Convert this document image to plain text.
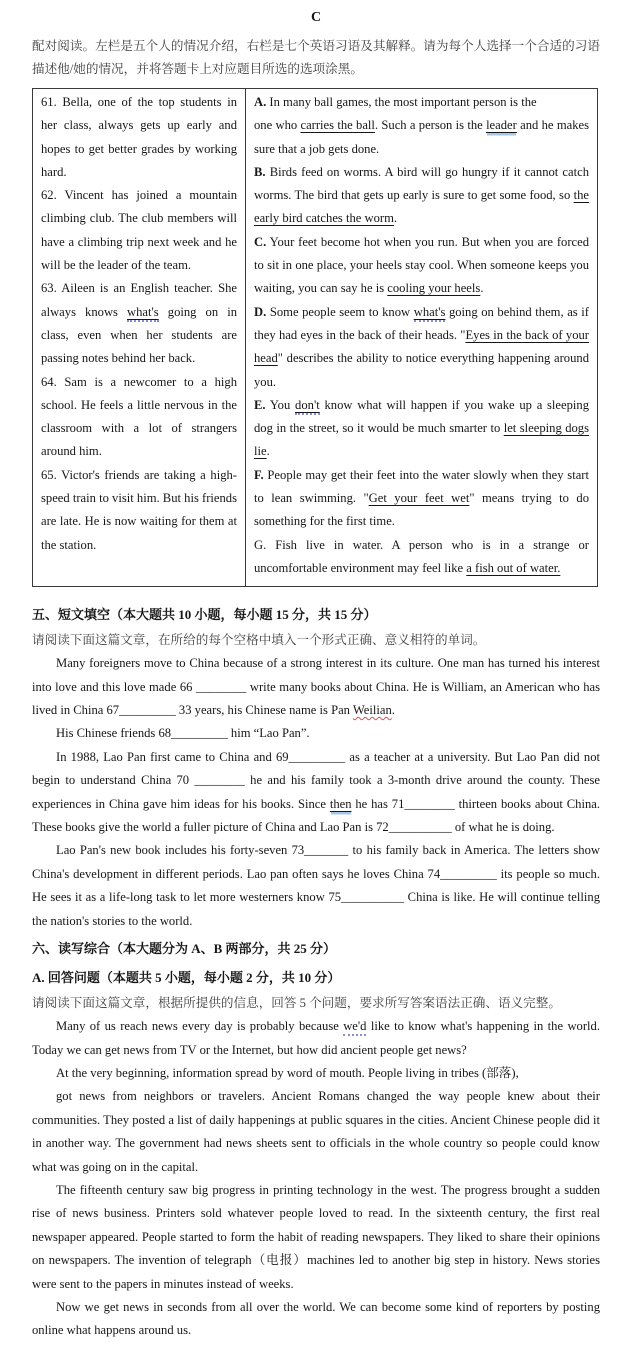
C
配对阅读。左栏是五个人的情况介绍，右栏是七个英语习语及其解释。请为每个人选择一个合适的习语描述他/她的情况，并将答题卡上对应题目所选的选项涂黑。
61. Bella, one of the top students in her class, always gets up early and hopes to get better grades by working hard.
62. Vincent has joined a mountain climbing club. The club members will have a climbing trip next week and he will be the leader of the team.
63. Aileen is an English teacher. She always knows what's going on in class, even when her students are passing notes behind her back.
64. Sam is a newcomer to a high school. He feels a little nervous in the classroom with a lot of strangers around him.
65. Victor's friends are taking a high-speed train to visit him. But his friends are late. He is now waiting for them at the station.
A. In many ball games, the most important person is the
one who carries the ball. Such a person is the leader and he makes sure that a job gets done.
B. Birds feed on worms. A bird will go hungry if it cannot catch worms. The bird that gets up early is sure to get some food, so the early bird catches the worm.
C. Your feet become hot when you run. But when you are forced to sit in one place, your heels stay cool. When someone keeps you waiting, you can say he is cooling your heels.
D. Some people seem to know what's going on behind them, as if they had eyes in the back of their heads. "Eyes in the back of your head" describes the ability to notice everything happening around you.
E. You don't know what will happen if you wake up a sleeping dog in the street, so it would be much smarter to let sleeping dogs lie.
F. People may get their feet into the water slowly when they start to lean swimming. "Get your feet wet" means trying to do something for the first time.
G. Fish live in water. A person who is in a strange or uncomfortable environment may feel like a fish out of water.
五、短文填空（本大题共 10 小题，每小题 15 分，共 15 分）
请阅读下面这篇文章，在所给的每个空格中填入一个形式正确、意义相符的单词。
Many foreigners move to China because of a strong interest in its culture. One man has turned his interest into love and this love made 66 ________ write many books about China. He is William, an American who has lived in China 67_________ 33 years, his Chinese name is Pan Weilian.
His Chinese friends 68_________ him “Lao Pan”.
In 1988, Lao Pan first came to China and 69_________ as a teacher at a university. But Lao Pan did not begin to understand China 70 ________ he and his family took a 3-month drive around the county. These experiences in China gave him ideas for his books. Since then he has 71________ thirteen books about China. These books give the world a fuller picture of China and Lao Pan is 72__________ of what he is doing.
Lao Pan's new book includes his forty-seven 73_______ to his family back in America. The letters show China's development in different periods. Lao pan often says he loves China 74_________ its people so much. He sees it as a life-long task to let more westerners know 75__________ China is like. He will continue telling the nation's stories to the world.
六、读写综合（本大题分为 A、B 两部分，共 25 分）
A. 回答问题（本题共 5 小题，每小题 2 分，共 10 分）
请阅读下面这篇文章，根据所提供的信息，回答 5 个问题，要求所写答案语法正确、语义完整。
Many of us reach news every day is probably because we'd like to know what's happening in the world. Today we can get news from TV or the Internet, but how did ancient people get news?
At the very beginning, information spread by word of mouth. People living in tribes (部落),
got news from neighbors or travelers. Ancient Romans changed the way people knew about their communities. They posted a list of daily happenings at public squares in the cities. Ancient Chinese people did it in another way. The government had news sheets sent to officials in the whole country so people could know what was going on in the capital.
The fifteenth century saw big progress in printing technology in the west. The progress brought a sudden rise of news business. Printers sold whatever people loved to read. In the sixteenth century, the first real newspaper appeared. People started to form the habit of reading newspapers. They liked to share their opinions on newspapers. The invention of telegraph（电报）machines led to another big step in history. News stories were sent to the papers in minutes instead of weeks.
Now we get news in seconds from all over the world. We can become some kind of reporters by posting online what happens around us.
